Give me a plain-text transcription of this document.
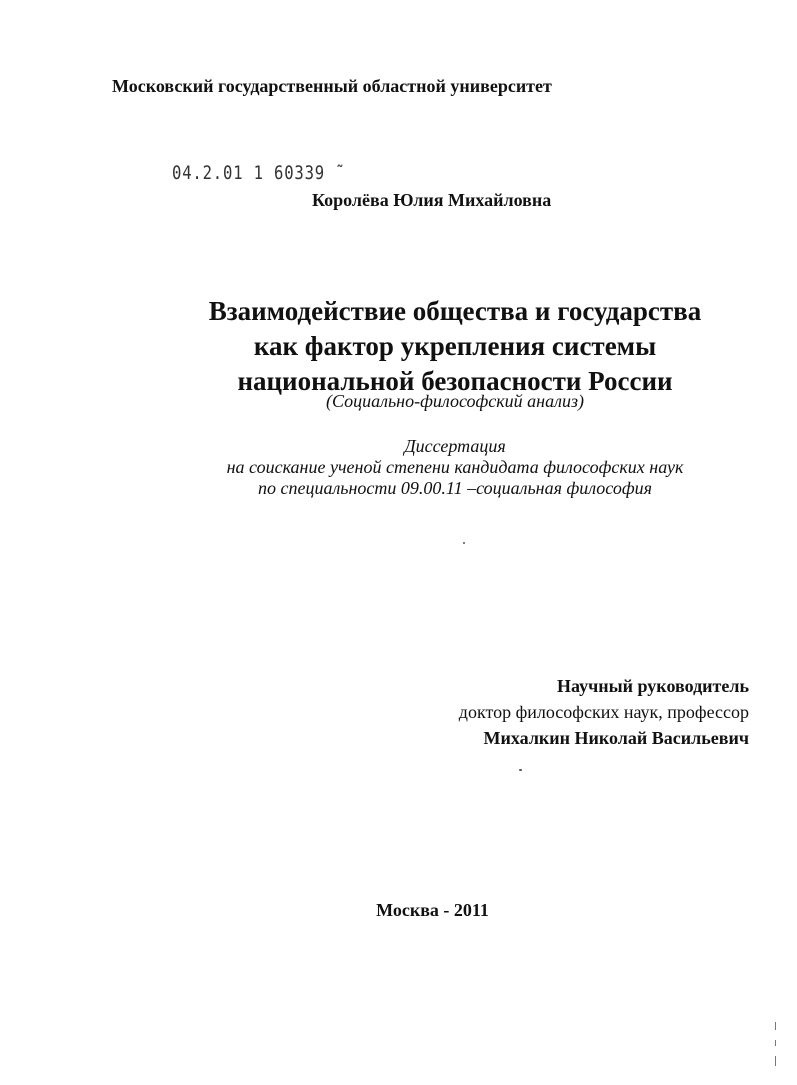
Московский государственный областной университет
04.2.01 1 60339 ˜
Королёва Юлия Михайловна
Взаимодействие общества и государства
как фактор укрепления системы
национальной безопасности России
(Социально-философский анализ)
Диссертация
на соискание ученой степени кандидата философских наук
по специальности 09.00.11 –социальная философия
Научный руководитель
доктор философских наук, профессор
Михалкин Николай Васильевич
Москва - 2011
